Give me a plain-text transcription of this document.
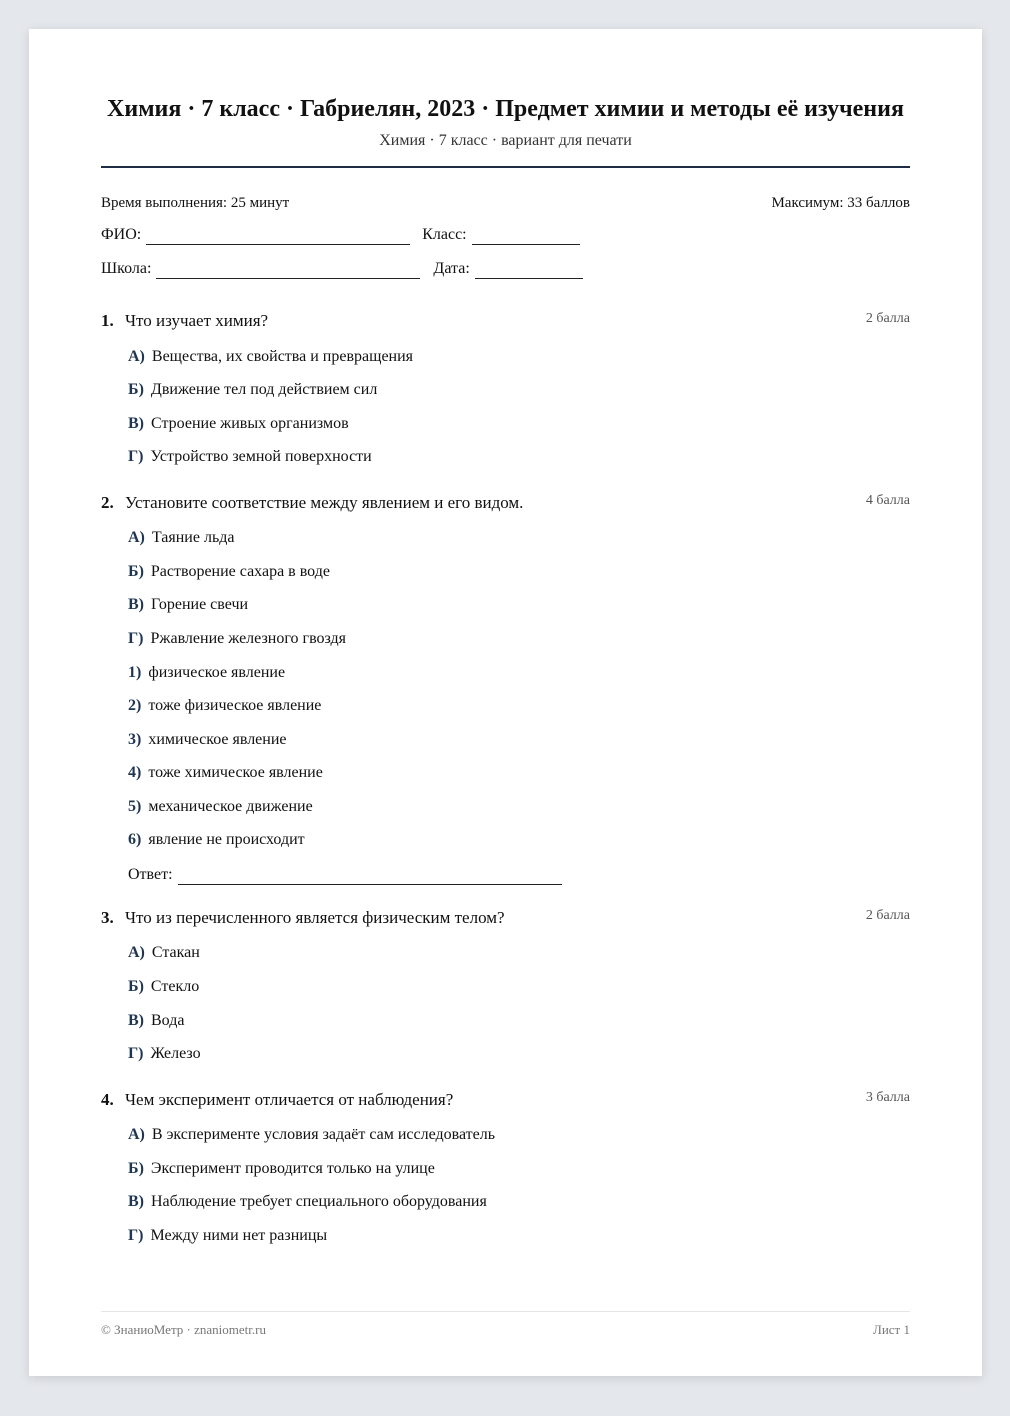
Химия · 7 класс · Габриелян, 2023 · Предмет химии и методы её изучения
Химия · 7 класс · вариант для печати
Время выполнения: 25 минут	Максимум: 33 баллов
ФИО:	Класс:
Школа:	Дата:
1. Что изучает химия?	2 балла
А) Вещества, их свойства и превращения
Б) Движение тел под действием сил
В) Строение живых организмов
Г) Устройство земной поверхности
2. Установите соответствие между явлением и его видом.	4 балла
А) Таяние льда
Б) Растворение сахара в воде
В) Горение свечи
Г) Ржавление железного гвоздя
1) физическое явление
2) тоже физическое явление
3) химическое явление
4) тоже химическое явление
5) механическое движение
6) явление не происходит
Ответ:
3. Что из перечисленного является физическим телом?	2 балла
А) Стакан
Б) Стекло
В) Вода
Г) Железо
4. Чем эксперимент отличается от наблюдения?	3 балла
А) В эксперименте условия задаёт сам исследователь
Б) Эксперимент проводится только на улице
В) Наблюдение требует специального оборудования
Г) Между ними нет разницы
© ЗнаниоМетр · znaniometr.ru	Лист 1
